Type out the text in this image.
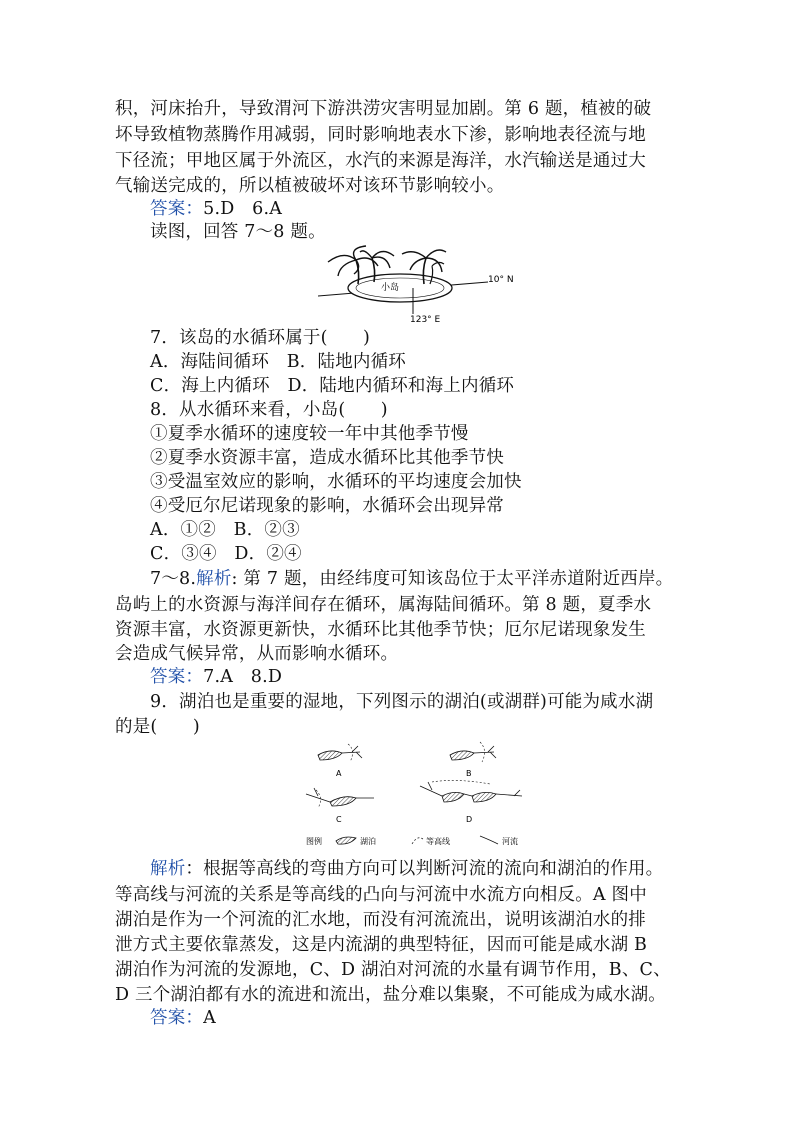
积，河床抬升，导致渭河下游洪涝灾害明显加剧。第 6 题，植被的破
坏导致植物蒸腾作用减弱，同时影响地表水下渗，影响地表径流与地
下径流；甲地区属于外流区，水汽的来源是海洋，水汽输送是通过大
气输送完成的，所以植被破坏对该环节影响较小。
答案：5.D　6.A
读图，回答 7～8 题。
小岛
10° N
123° E
7．该岛的水循环属于(　　)
A．海陆间循环　B．陆地内循环
C．海上内循环　D．陆地内循环和海上内循环
8．从水循环来看，小岛(　　)
①夏季水循环的速度较一年中其他季节慢
②夏季水资源丰富，造成水循环比其他季节快
③受温室效应的影响，水循环的平均速度会加快
④受厄尔尼诺现象的影响，水循环会出现异常
A．①②　B．②③
C．③④　D．②④
7～8.解析: 第 7 题，由经纬度可知该岛位于太平洋赤道附近西岸。
岛屿上的水资源与海洋间存在循环，属海陆间循环。第 8 题，夏季水
资源丰富，水资源更新快，水循环比其他季节快；厄尔尼诺现象发生
会造成气候异常，从而影响水循环。
答案：7.A　8.D
9．湖泊也是重要的湿地，下列图示的湖泊(或湖群)可能为咸水湖
的是(　　)
A	B
C	D
图例	湖泊	等高线	河流
解析：根据等高线的弯曲方向可以判断河流的流向和湖泊的作用。
等高线与河流的关系是等高线的凸向与河流中水流方向相反。A 图中
湖泊是作为一个河流的汇水地，而没有河流流出，说明该湖泊水的排
泄方式主要依靠蒸发，这是内流湖的典型特征，因而可能是咸水湖 B
湖泊作为河流的发源地，C、D 湖泊对河流的水量有调节作用，B、C、
D 三个湖泊都有水的流进和流出，盐分难以集聚，不可能成为咸水湖。
答案：A
